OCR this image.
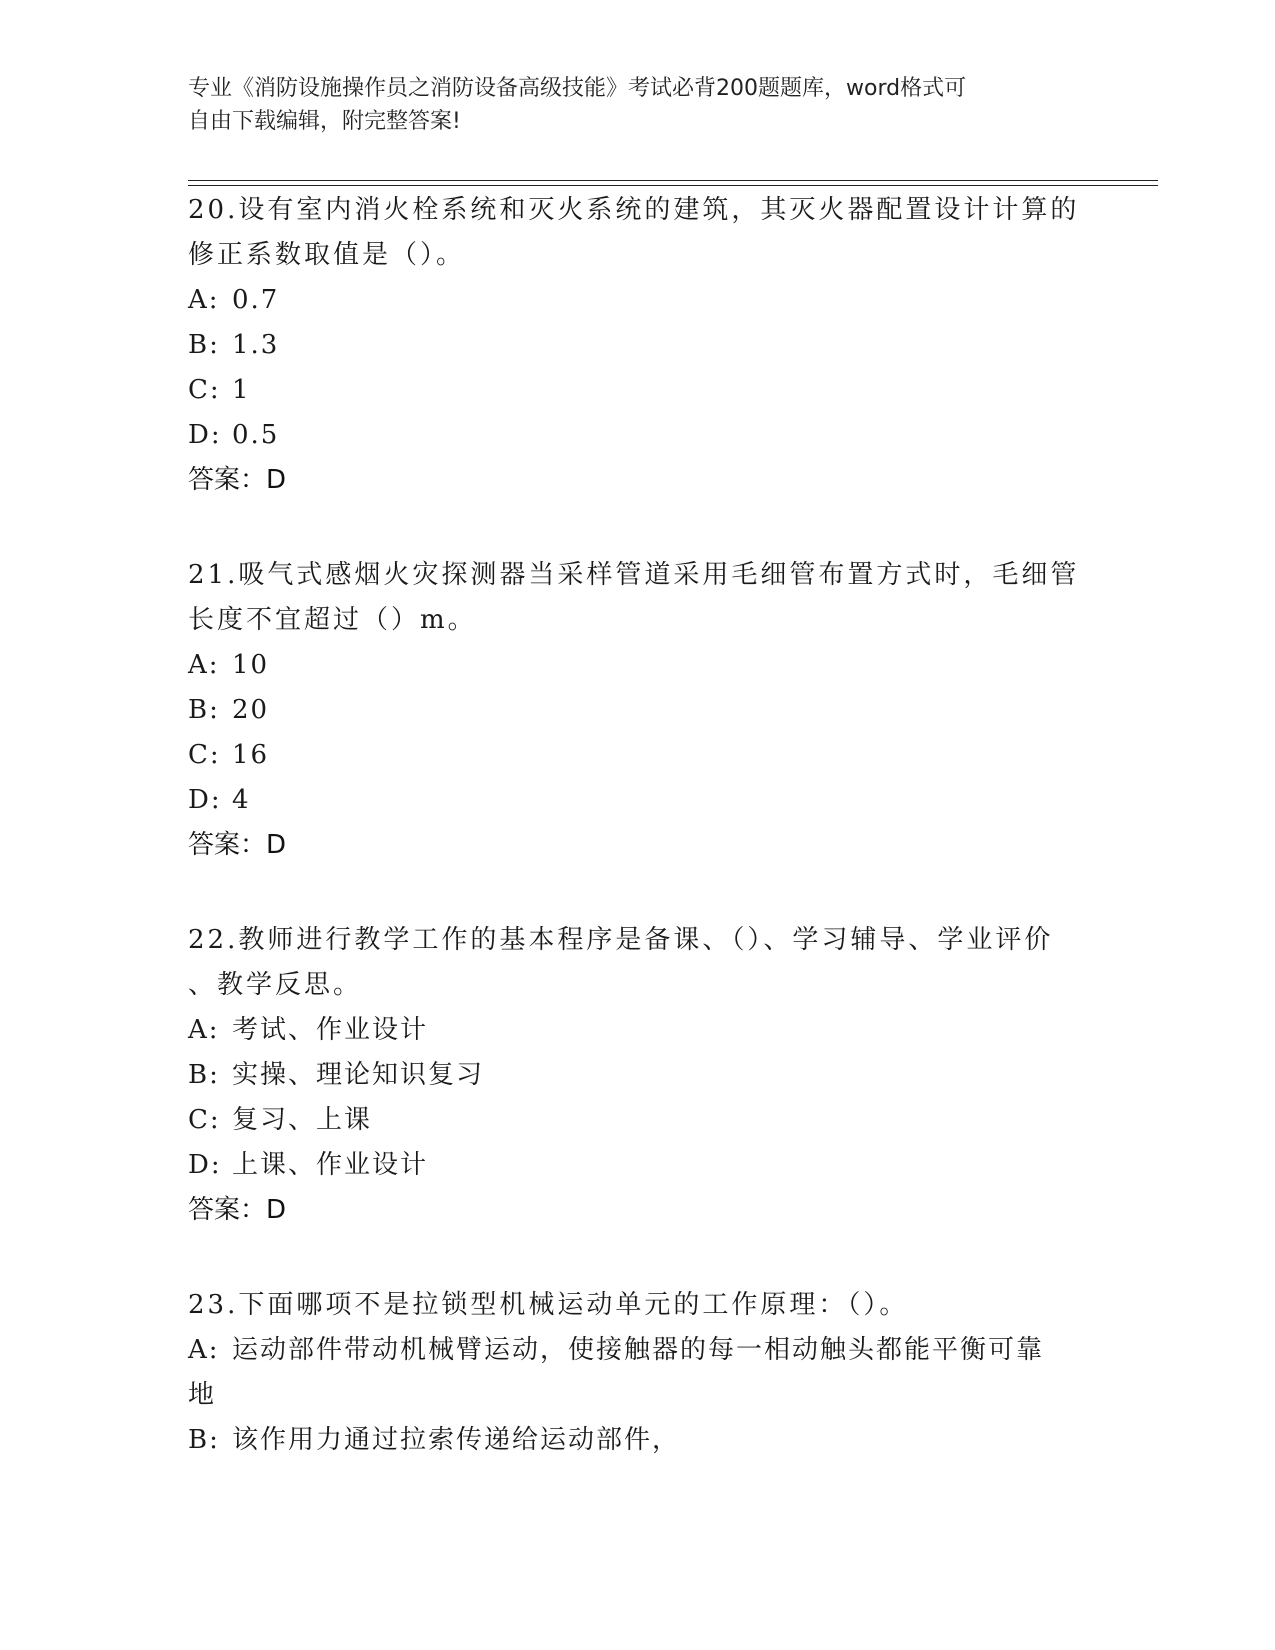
专业《消防设施操作员之消防设备高级技能》考试必背200题题库，word格式可
自由下载编辑，附完整答案!

20.设有室内消火栓系统和灭火系统的建筑，其灭火器配置设计计算的

修正系数取值是（）。

A: 0.7

B: 1.3

C: 1

D: 0.5

答案：D

21.吸气式感烟火灾探测器当采样管道采用毛细管布置方式时，毛细管

长度不宜超过（）m。

A: 10

B: 20

C: 16

D: 4

答案：D

22.教师进行教学工作的基本程序是备课、（）、学习辅导、学业评价

、教学反思。

A: 考试、作业设计

B: 实操、理论知识复习

C: 复习、上课

D: 上课、作业设计

答案：D

23.下面哪项不是拉锁型机械运动单元的工作原理：（）。

A: 运动部件带动机械臂运动，使接触器的每一相动触头都能平衡可靠

地

B: 该作用力通过拉索传递给运动部件，
